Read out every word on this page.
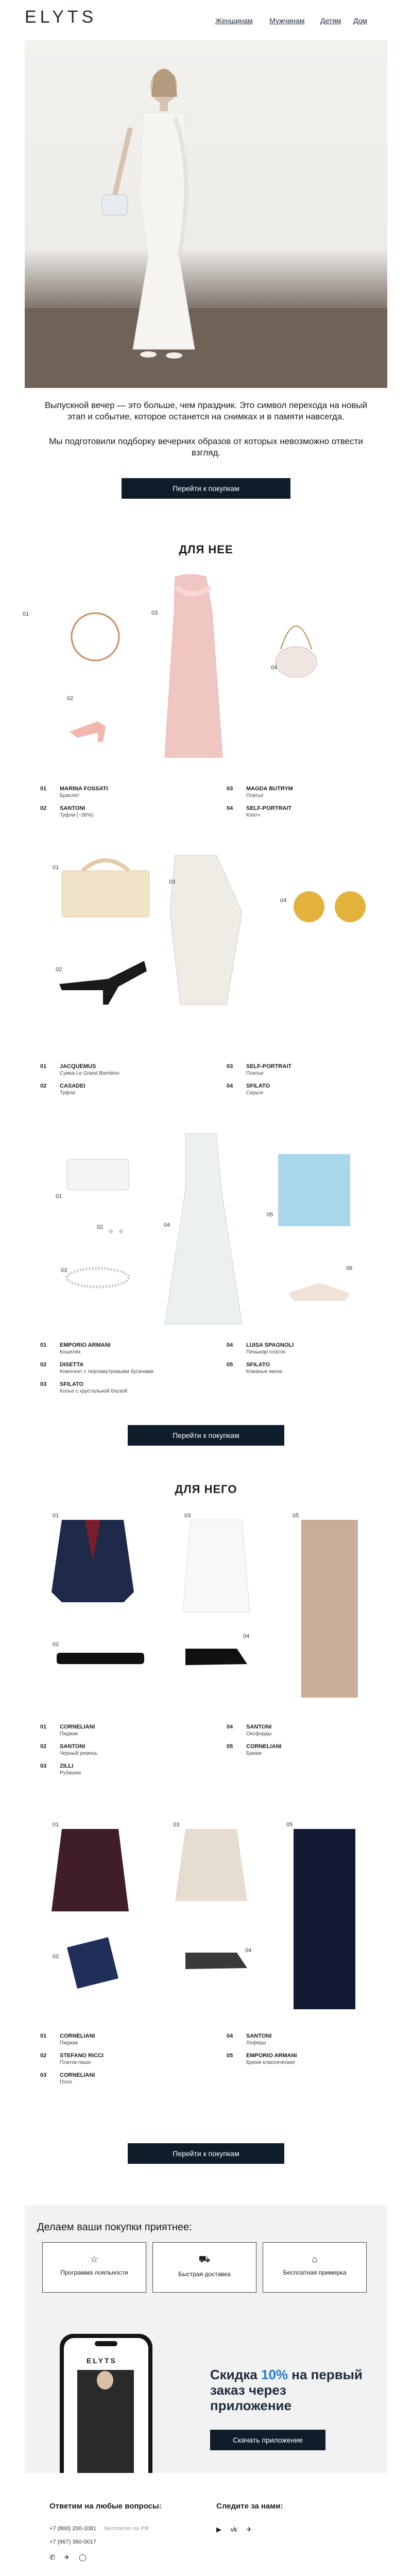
ELYTS	Женщинам Мужчинам Детям Дом
Выпускной вечер — это больше, чем праздник. Это символ перехода на новый этап и событие, которое останется на снимках и в памяти навсегда.
Мы подготовили подборку вечерних образов от которых невозможно отвести взгляд.
Перейти к покупкам
ДЛЯ НЕЕ
01
02
03
04
01 MARINA FOSSATI
Браслет
02 SANTONI
Туфли (~36%)
03 MAGDA BUTRYM
Платье
04 SELF-PORTRAIT
Клатч
01
02
03
04
01 JACQUEMUS
Сумка Le Grand Bambino
02 CASADEI
Туфли
03 SELF-PORTRAIT
Платье
04 SFILATO
Серьги
01
02
03
04
05
06
01 EMPORIO ARMANI
Кошелек
02 DISETTA
Комплект с перламутровыми бусинами
03 SFILATO
Колье с хрустальной блузой
04 LUISA SPAGNOLI
Пеньюар платок
05 SFILATO
Кожаные мюли
Перейти к покупкам
ДЛЯ НЕГО
01
02
03
04
05
01 CORNELIANI
Пиджак
02 SANTONI
Черный ремень
03 ZILLI
Рубашка
04 SANTONI
Оксфорды
05 CORNELIANI
Брюки
01
02
03
04
05
01 CORNELIANI
Пиджак
02 STEFANO RICCI
Платок-паше
03 CORNELIANI
Поло
04 SANTONI
Лоферы
05 EMPORIO ARMANI
Брюки классические
Перейти к покупкам
Делаем ваши покупки приятнее:
☆
Программа лояльности
⛟
Быстрая доставка
⌂
Бесплатная примерка
ELYTS
Скидка 10% на первый заказ через приложение
Скачать приложение
Ответим на любые вопросы:
+7 (800) 200-1081 бесплатно по РФ
+7 (967) 360-0017
✆ ✈ ◯
Следите за нами:
▶ vk ✈
